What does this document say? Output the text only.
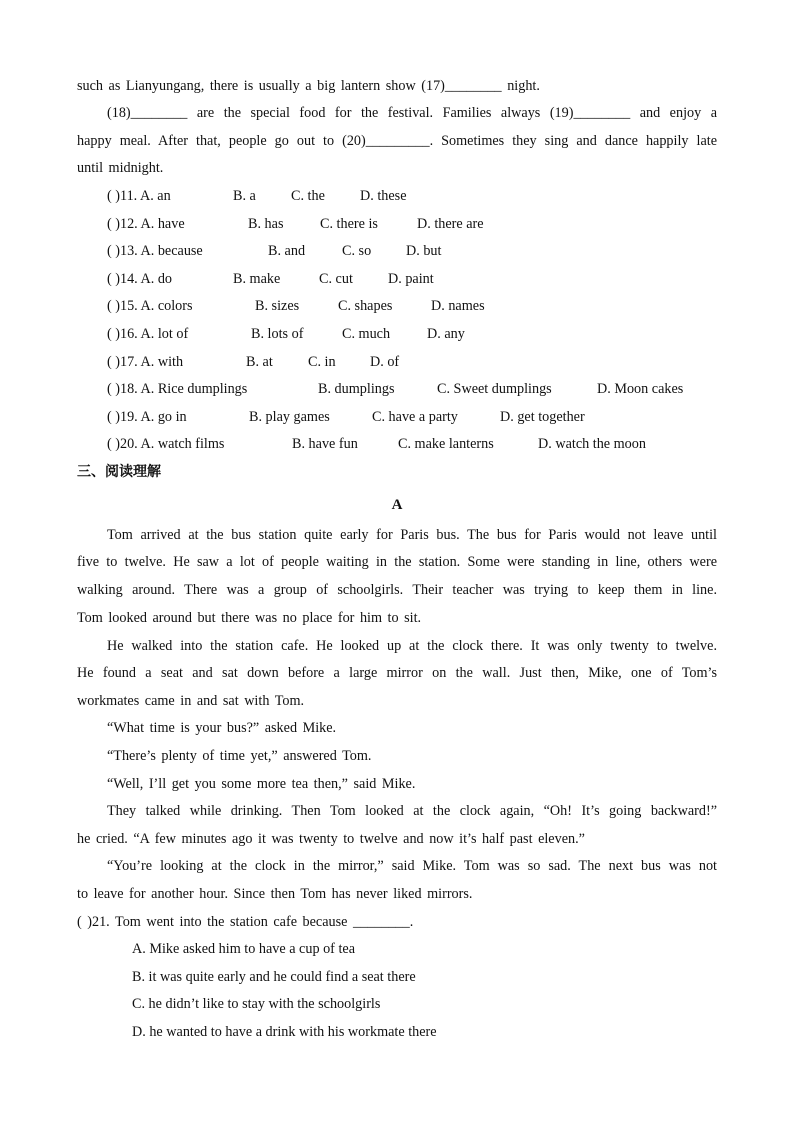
such as Lianyungang, there is usually a big lantern show (17)________ night.
(18)________ are the special food for the festival. Families always (19)________ and enjoy a
happy meal. After that, people go out to (20)_________. Sometimes they sing and dance happily late
until midnight.
( )11. A. an	B. a C. the D. these
( )12. A. have	B. has	C. there is	D. there are
( )13. A. because	B. and	C. so D. but
( )14. A. do	B. make	C. cut D. paint
( )15. A. colors	B. sizes	C. shapes	D. names
( )16. A. lot of	B. lots of	C. much	D. any
( )17. A. with	B. at C. in D. of
( )18. A. Rice dumplings	B. dumplings	C. Sweet dumplings	D. Moon cakes
( )19. A. go in	B. play games	C. have a party	D. get together
( )20. A. watch films	B. have fun	C. make lanterns	D. watch the moon
三、阅读理解
A
Tom arrived at the bus station quite early for Paris bus. The bus for Paris would not leave until
five to twelve. He saw a lot of people waiting in the station. Some were standing in line, others were
walking around. There was a group of schoolgirls. Their teacher was trying to keep them in line.
Tom looked around but there was no place for him to sit.
He walked into the station cafe. He looked up at the clock there. It was only twenty to twelve.
He found a seat and sat down before a large mirror on the wall. Just then, Mike, one of Tom’s
workmates came in and sat with Tom.
“What time is your bus?” asked Mike.
“There’s plenty of time yet,” answered Tom.
“Well, I’ll get you some more tea then,” said Mike.
They talked while drinking. Then Tom looked at the clock again, “Oh! It’s going backward!”
he cried. “A few minutes ago it was twenty to twelve and now it’s half past eleven.”
“You’re looking at the clock in the mirror,” said Mike. Tom was so sad. The next bus was not
to leave for another hour. Since then Tom has never liked mirrors.
( )21. Tom went into the station cafe because ________.
A. Mike asked him to have a cup of tea
B. it was quite early and he could find a seat there
C. he didn’t like to stay with the schoolgirls
D. he wanted to have a drink with his workmate there
